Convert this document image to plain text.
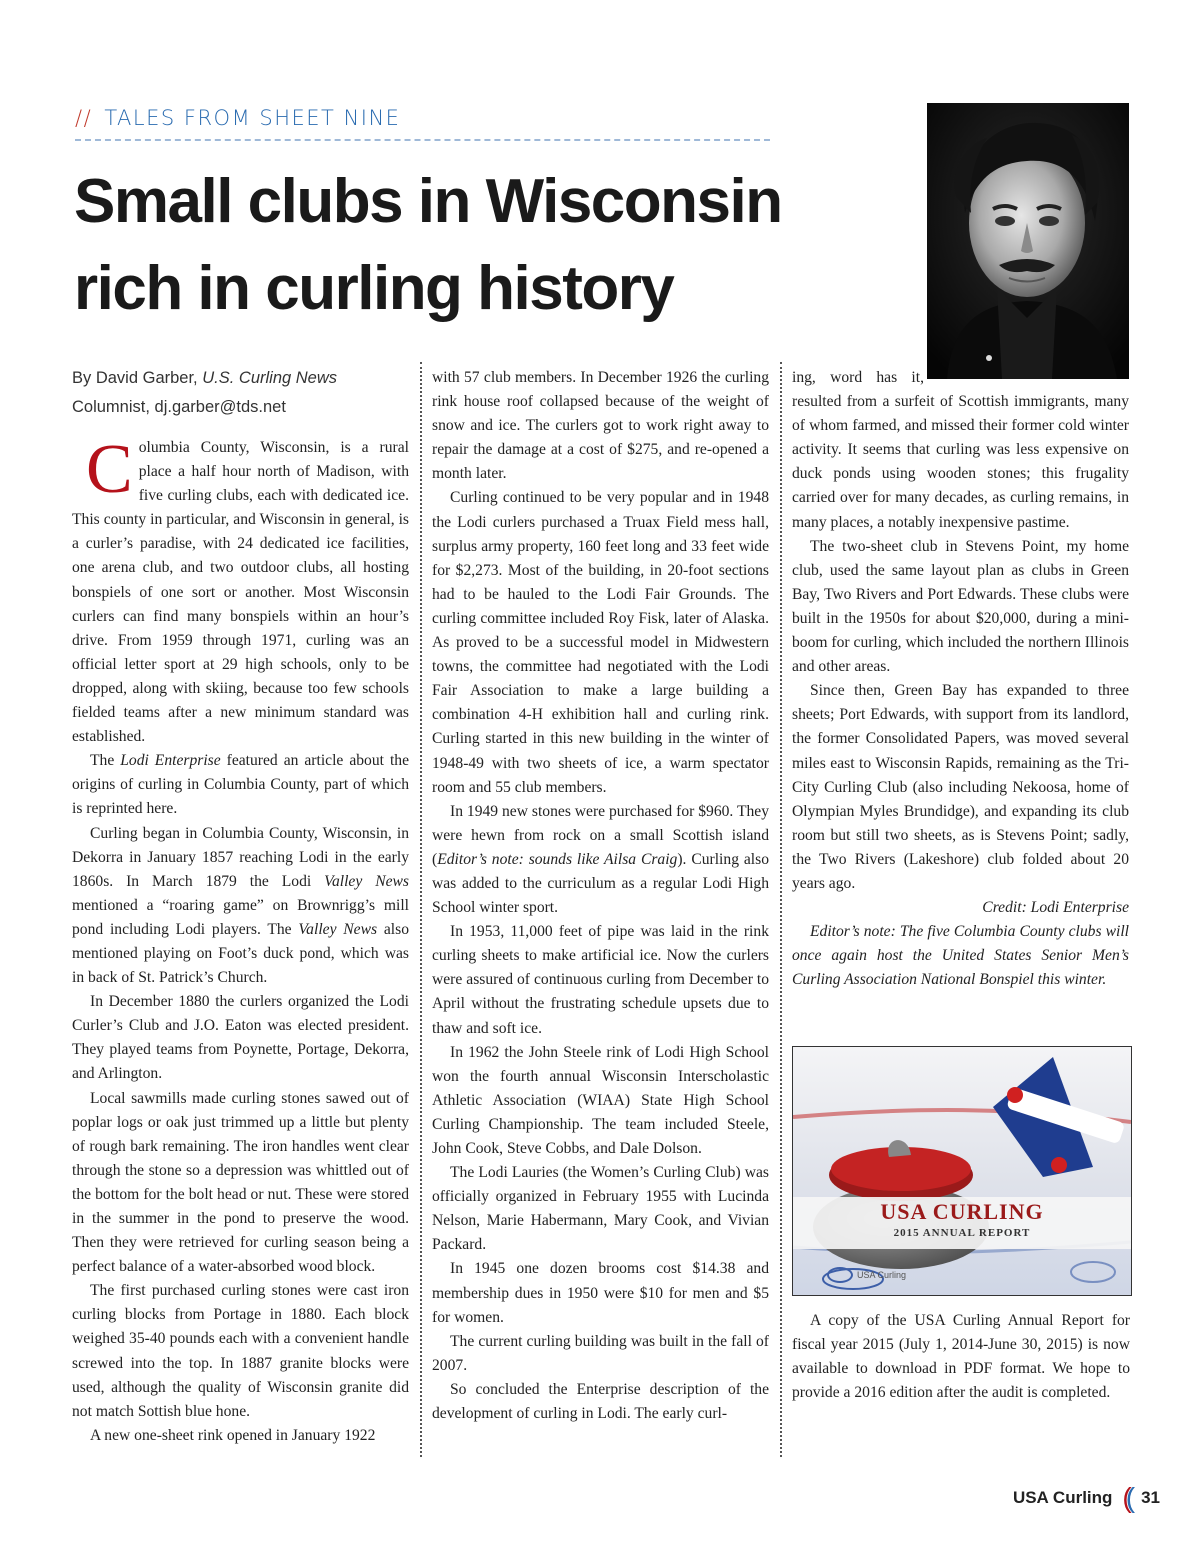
// TALES FROM SHEET NINE
Small clubs in Wisconsin
rich in curling history
By David Garber, U.S. Curling News
Columnist, dj.garber@tds.net

Columbia County, Wisconsin, is a rural place a half hour north of Madison, with five curling clubs, each with dedicated ice. This county in particular, and Wisconsin in general, is a curler’s paradise, with 24 dedicated ice facilities, one arena club, and two outdoor clubs, all hosting bonspiels of one sort or another. Most Wisconsin curlers can find many bonspiels within an hour’s drive. From 1959 through 1971, curling was an official letter sport at 29 high schools, only to be dropped, along with skiing, because too few schools fielded teams after a new minimum standard was established.

The Lodi Enterprise featured an article about the origins of curling in Columbia County, part of which is reprinted here.

Curling began in Columbia County, Wisconsin, in Dekorra in January 1857 reaching Lodi in the early 1860s. In March 1879 the Lodi Valley News mentioned a “roaring game” on Brownrigg’s mill pond including Lodi players. The Valley News also mentioned playing on Foot’s duck pond, which was in back of St. Patrick’s Church.

In December 1880 the curlers organized the Lodi Curler’s Club and J.O. Eaton was elected president. They played teams from Poynette, Portage, Dekorra, and Arlington.

Local sawmills made curling stones sawed out of poplar logs or oak just trimmed up a little but plenty of rough bark remaining. The iron handles went clear through the stone so a depression was whittled out of the bottom for the bolt head or nut. These were stored in the summer in the pond to preserve the wood. Then they were retrieved for curling season being a perfect balance of a water-absorbed wood block.

The first purchased curling stones were cast iron curling blocks from Portage in 1880. Each block weighed 35-40 pounds each with a convenient handle screwed into the top. In 1887 granite blocks were used, although the quality of Wisconsin granite did not match Sottish blue hone.

A new one-sheet rink opened in January 1922

with 57 club members. In December 1926 the curling rink house roof collapsed because of the weight of snow and ice. The curlers got to work right away to repair the damage at a cost of $275, and re-opened a month later.

Curling continued to be very popular and in 1948 the Lodi curlers purchased a Truax Field mess hall, surplus army property, 160 feet long and 33 feet wide for $2,273. Most of the building, in 20-foot sections had to be hauled to the Lodi Fair Grounds. The curling committee included Roy Fisk, later of Alaska. As proved to be a successful model in Midwestern towns, the committee had negotiated with the Lodi Fair Association to make a large building a combination 4-H exhibition hall and curling rink. Curling started in this new building in the winter of 1948-49 with two sheets of ice, a warm spectator room and 55 club members.

In 1949 new stones were purchased for $960. They were hewn from rock on a small Scottish island (Editor’s note: sounds like Ailsa Craig). Curling also was added to the curriculum as a regular Lodi High School winter sport.

In 1953, 11,000 feet of pipe was laid in the rink curling sheets to make artificial ice. Now the curlers were assured of continuous curling from December to April without the frustrating schedule upsets due to thaw and soft ice.

In 1962 the John Steele rink of Lodi High School won the fourth annual Wisconsin Interscholastic Athletic Association (WIAA) State High School Curling Championship. The team included Steele, John Cook, Steve Cobbs, and Dale Dolson.

The Lodi Lauries (the Women’s Curling Club) was officially organized in February 1955 with Lucinda Nelson, Marie Habermann, Mary Cook, and Vivian Packard.

In 1945 one dozen brooms cost $14.38 and membership dues in 1950 were $10 for men and $5 for women.

The current curling building was built in the fall of 2007.

So concluded the Enterprise description of the development of curling in Lodi. The early curl-

ing, word has it, resulted from a surfeit of Scottish immigrants, many of whom farmed, and missed their former cold winter activity. It seems that curling was less expensive on duck ponds using wooden stones; this frugality carried over for many decades, as curling remains, in many places, a notably inexpensive pastime.

The two-sheet club in Stevens Point, my home club, used the same layout plan as clubs in Green Bay, Two Rivers and Port Edwards. These clubs were built in the 1950s for about $20,000, during a mini-boom for curling, which included the northern Illinois and other areas.

Since then, Green Bay has expanded to three sheets; Port Edwards, with support from its landlord, the former Consolidated Papers, was moved several miles east to Wisconsin Rapids, remaining as the Tri-City Curling Club (also including Nekoosa, home of Olympian Myles Brundidge), and expanding its club room but still two sheets, as is Stevens Point; sadly, the Two Rivers (Lakeshore) club folded about 20 years ago.

Credit: Lodi Enterprise

Editor’s note: The five Columbia County clubs will once again host the United States Senior Men’s Curling Association National Bonspiel this winter.

USA CURLING
2015 ANNUAL REPORT
USA Curling

A copy of the USA Curling Annual Report for fiscal year 2015 (July 1, 2014-June 30, 2015) is now available to download in PDF format. We hope to provide a 2016 edition after the audit is completed.

USA Curling (( 31
